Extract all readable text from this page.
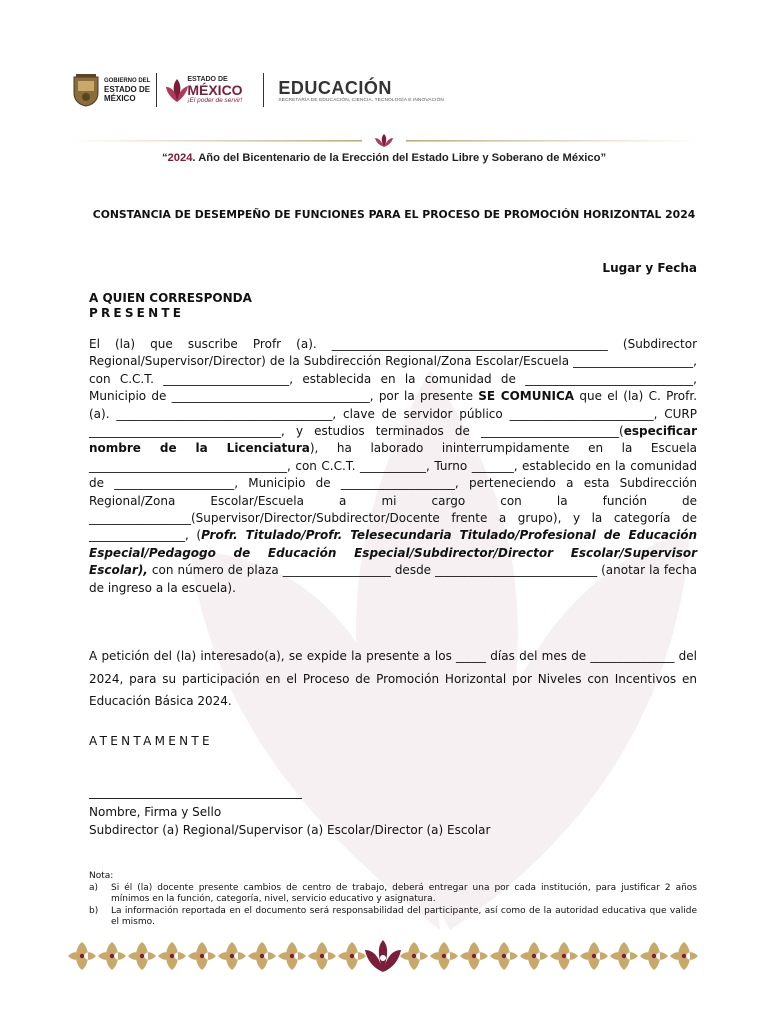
GOBIERNO DEL
ESTADO DE
MÉXICO
ESTADO DE
MÉXICO
¡El poder de servir!
EDUCACIÓN
SECRETARÍA DE EDUCACIÓN, CIENCIA, TECNOLOGÍA E INNOVACIÓN
“2024. Año del Bicentenario de la Erección del Estado Libre y Soberano de México”
CONSTANCIA DE DESEMPEÑO DE FUNCIONES PARA EL PROCESO DE PROMOCIÓN HORIZONTAL 2024
Lugar y Fecha
A QUIEN CORRESPONDA
PRESENTE
El (la) que suscribe Profr (a). ______________________________________________ (Subdirector Regional/Supervisor/Director) de la Subdirección Regional/Zona Escolar/Escuela ____________________, con C.C.T. _____________________, establecida en la comunidad de ____________________________, Municipio de _________________________________, por la presente SE COMUNICA que el (la) C. Profr. (a). ____________________________________, clave de servidor público ________________________, CURP ________________________________, y estudios terminados de _______________________(especificar nombre de la Licenciatura), ha laborado ininterrumpidamente en la Escuela _________________________________, con C.C.T. ___________, Turno _______, establecido en la comunidad de ____________________, Municipio de ___________________, perteneciendo a esta Subdirección Regional/Zona Escolar/Escuela a mi cargo con la función de _________________(Supervisor/Director/Subdirector/Docente frente a grupo), y la categoría de ________________, (Profr. Titulado/Profr. Telesecundaria Titulado/Profesional de Educación Especial/Pedagogo de Educación Especial/Subdirector/Director Escolar/Supervisor Escolar), con número de plaza __________________ desde ___________________________ (anotar la fecha de ingreso a la escuela).
A petición del (la) interesado(a), se expide la presente a los _____ días del mes de ______________ del 2024, para su participación en el Proceso de Promoción Horizontal por Niveles con Incentivos en Educación Básica 2024.
ATENTAMENTE
Nombre, Firma y Sello
Subdirector (a) Regional/Supervisor (a) Escolar/Director (a) Escolar
Nota:
a)	Si él (la) docente presente cambios de centro de trabajo, deberá entregar una por cada institución, para justificar 2 años mínimos en la función, categoría, nivel, servicio educativo y asignatura.
b)	La información reportada en el documento será responsabilidad del participante, así como de la autoridad educativa que valide el mismo.
